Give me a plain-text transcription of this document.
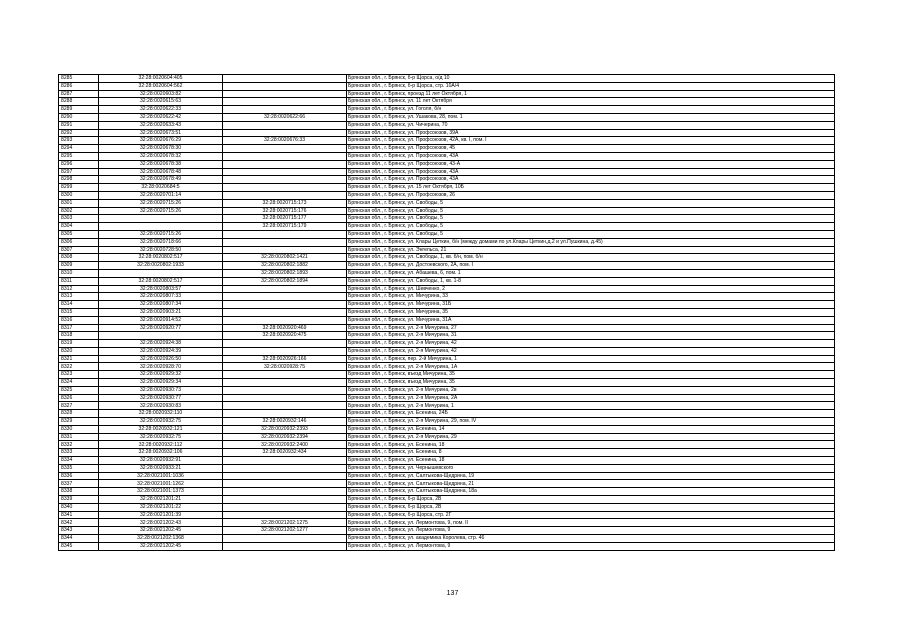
8285	32:28:0020604:405		Брянская обл., г. Брянск, б-р Щорса, о/д 10
8286	32:28:0020604:562		Брянская обл., г. Брянск, б-р Щорса, стр. 10А/4
8287	32:28:0020603:82		Брянская обл., г. Брянск, проезд 11 лет Октября, 1
8288	32:28:0020615:63		Брянская обл., г. Брянск, ул. 11 лет Октября
8289	32:28:0020622:33		Брянская обл., г. Брянск, ул. Гоголя, б/н
8290	32:28:0020622:42	32:28:0020622:66	Брянская обл., г. Брянск, ул. Ушакова, 28, пом. 1
8291	32:28:0020633:43		Брянская обл., г. Брянск, ул. Чичерина, 70
8292	32:28:0020673:51		Брянская обл., г. Брянск, ул. Профсоюзов, 39А
8293	32:28:0020676:29	32:28:0020676:33	Брянская обл., г. Брянск, ул. Профсоюзов, 42А, кв. I, пом. I
8294	32:28:0020678:30		Брянская обл., г. Брянск, ул. Профсоюзов, 45
8295	32:28:0020678:32		Брянская обл., г. Брянск, ул. Профсоюзов, 43А
8296	32:28:0020678:38		Брянская обл., г. Брянск, ул. Профсоюзов, 43-А
8297	32:28:0020678:48		Брянская обл., г. Брянск, ул. Профсоюзов, 43А
8298	32:28:0020678:49		Брянская обл., г. Брянск, ул. Профсоюзов, 43А
8299	32:28:0020684:5		Брянская обл., г. Брянск, ул. 15 лет Октября, 10Б
8300	32:28:0020701:14		Брянская обл., г. Брянск, ул. Профсоюзов, 26
8301	32:28:0020715:26	32:28:0020715:173	Брянская обл., г. Брянск, ул. Свободы, 5
8302	32:28:0020715:26	32:28:0020715:176	Брянская обл., г. Брянск, ул. Свободы, 5
8303		32:28:0020715:177	Брянская обл., г. Брянск, ул. Свободы, 5
8304		32:28:0020715:179	Брянская обл., г. Брянск, ул. Свободы, 5
8305	32:28:0020715:26		Брянская обл., г. Брянск, ул. Свободы, 5
8306	32:28:0020718:66		Брянская обл., г. Брянск, ул. Клары Цеткин, б/н (между домами по ул.Клары Цеткин,д.2 и ул.Пушкина, д.45)
8307	32:28:0020728:50		Брянская обл., г. Брянск, ул. Энгельса, 21
8308	32:28:0020802:517	32:28:0020802:1421	Брянская обл., г. Брянск, ул. Свободы, 1, кв. б/н, пом. б/н
8309	32:28:0020802:1933	32:28:0020802:1882	Брянская обл., г. Брянск, ул. Достоевского, 2А, пом. I
8310		32:28:0020802:1893	Брянская обл., г. Брянск, ул. Абашева, 6, пом. 1
8311	32:28:0020802:517	32:28:0020802:1894	Брянская обл., г. Брянск, ул. Свободы, 1, кв. 1-8
8312	32:28:0020803:57		Брянская обл., г. Брянск, ул. Шевченко, 2
8313	32:28:0020807:33		Брянская обл., г. Брянск, ул. Мичурина, 33
8314	32:28:0020807:34		Брянская обл., г. Брянск, ул. Мичурина, 31Б
8315	32:28:0020903:21		Брянская обл., г. Брянск, ул. Мичурина, 35
8316	32:28:0020914:52		Брянская обл., г. Брянск, ул. Мичурина, 31А
8317	32:28:0020920:77	32:28:0020920:469	Брянская обл., г. Брянск, ул. 2-я Мичурина, 27
8318		32:28:0020920:475	Брянская обл., г. Брянск, ул. 2-я Мичурина, 31
8319	32:28:0020924:38		Брянская обл., г. Брянск, ул. 2-я Мичурина, 42
8320	32:28:0020924:39		Брянская обл., г. Брянск, ул. 2-я Мичурина, 42
8321	32:28:0020926:50	32:28:0020926:166	Брянская обл., г. Брянск, пер. 2-й Мичурина, 1
8322	32:28:0020928:70	32:28:0020928:75	Брянская обл., г. Брянск, ул. 2-я Мичурина, 1А
8323	32:28:0020929:32		Брянская обл., г. Брянск, въезд Мичурина, 35
8324	32:28:0020929:34		Брянская обл., г. Брянск, въезд Мичурина, 35
8325	32:28:0020930:73		Брянская обл., г. Брянск, ул. 2-я Мичурина, 2в
8326	32:28:0020930:77		Брянская обл., г. Брянск, ул. 2-я Мичурина, 2А
8327	32:28:0020930:83		Брянская обл., г. Брянск, ул. 2-я Мичурина, 1
8328	32:28:0020932:110		Брянская обл., г. Брянск, ул. Есенина, 24Б
8329	32:28:0020932:75	32:28:0020932:146	Брянская обл., г. Брянск, ул. 2-я Мичурина, 29, пом. IV
8330	32:28:0020932:121	32:28:0020932:2393	Брянская обл., г. Брянск, ул. Есенина, 14
8331	32:28:0020932:75	32:28:0020932:2394	Брянская обл., г. Брянск, ул. 2-я Мичурина, 29
8332	32:28:0020932:112	32:28:0020932:2400	Брянская обл., г. Брянск, ул. Есенина, 18
8333	32:28:0020932:106	32:28:0020932:434	Брянская обл., г. Брянск, ул. Есенина, 8
8334	32:28:0020932:91		Брянская обл., г. Брянск, ул. Есенина, 18
8335	32:28:0020933:21		Брянская обл., г. Брянск, ул. Чернышевского
8336	32:28:0021001:1036		Брянская обл., г. Брянск, ул. Салтыкова-Щедрина, 19
8337	32:28:0021001:1262		Брянская обл., г. Брянск, ул. Салтыкова-Щедрина, 21
8338	32:28:0021001:1373		Брянская обл., г. Брянск, ул. Салтыкова-Щедрина, 18а
8339	32:28:0021201:21		Брянская обл., г. Брянск, б-р Щорса, 2В
8340	32:28:0021201:22		Брянская обл., г. Брянск, б-р Щорса, 2В
8341	32:28:0021201:39		Брянская обл., г. Брянск, б-р Щорса, стр. 2Г
8342	32:28:0021202:43	32:28:0021202:1275	Брянская обл., г. Брянск, ул. Лермонтова, 9, пом. II
8343	32:28:0021202:45	32:28:0021202:1277	Брянская обл., г. Брянск, ул. Лермонтова, 9
8344	32:28:0021202:1368		Брянская обл., г. Брянск, ул. академика Королева, стр. 46
8345	32:28:0021202:45		Брянская обл., г. Брянск, ул. Лермонтова, 9
137
